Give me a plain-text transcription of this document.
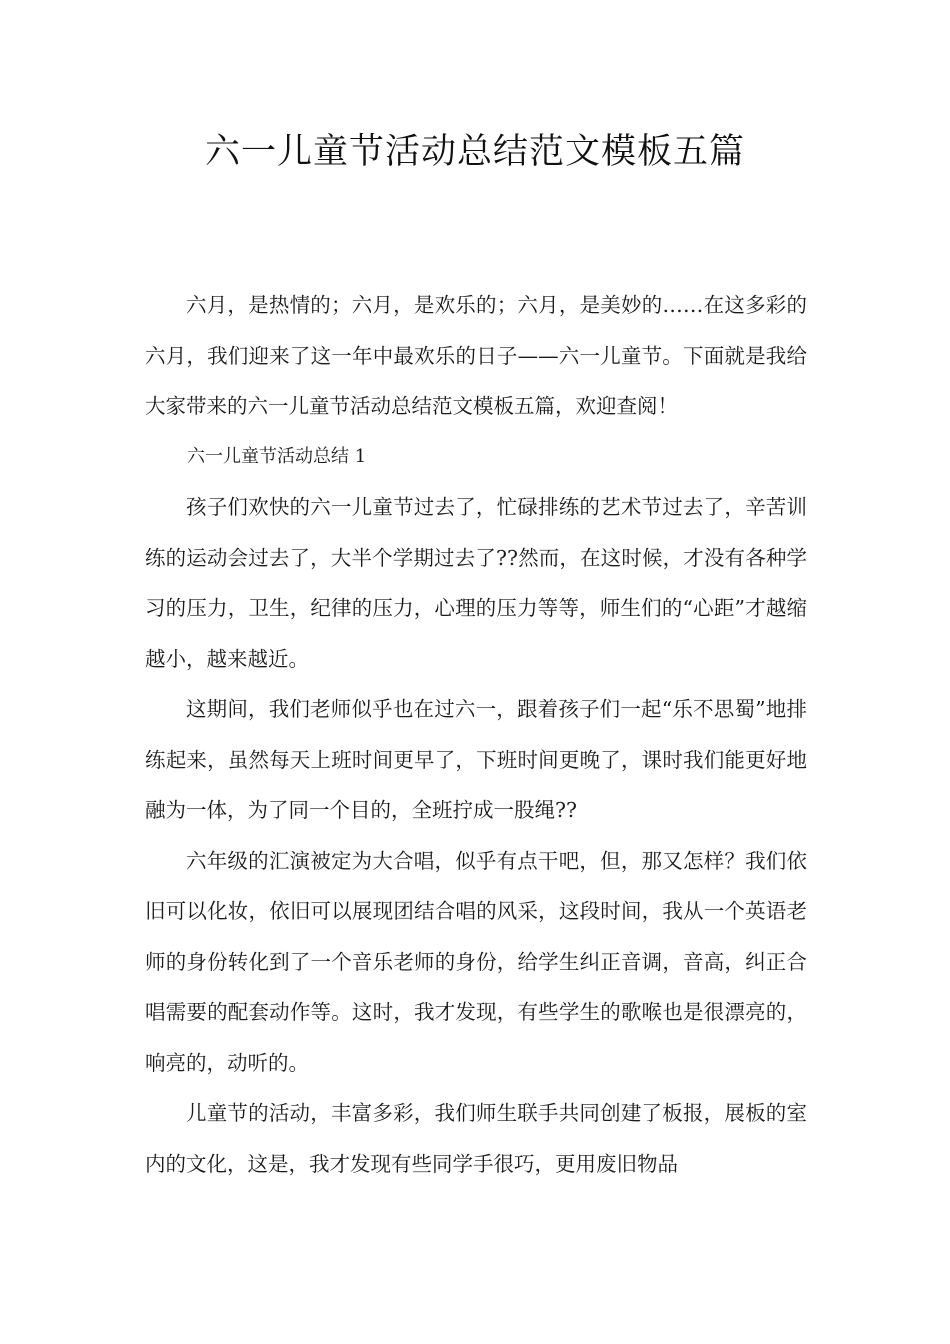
六一儿童节活动总结范文模板五篇

六月，是热情的；六月，是欢乐的；六月，是美妙的……在这多彩的六月，我们迎来了这一年中最欢乐的日子——六一儿童节。下面就是我给大家带来的六一儿童节活动总结范文模板五篇，欢迎查阅！

六一儿童节活动总结 1

孩子们欢快的六一儿童节过去了，忙碌排练的艺术节过去了，辛苦训练的运动会过去了，大半个学期过去了??然而，在这时候，才没有各种学习的压力，卫生，纪律的压力，心理的压力等等，师生们的“心距”才越缩越小，越来越近。

这期间，我们老师似乎也在过六一，跟着孩子们一起“乐不思蜀”地排练起来，虽然每天上班时间更早了，下班时间更晚了，课时我们能更好地融为一体，为了同一个目的，全班拧成一股绳??

六年级的汇演被定为大合唱，似乎有点干吧，但，那又怎样？我们依旧可以化妆，依旧可以展现团结合唱的风采，这段时间，我从一个英语老师的身份转化到了一个音乐老师的身份，给学生纠正音调，音高，纠正合唱需要的配套动作等。这时，我才发现，有些学生的歌喉也是很漂亮的，响亮的，动听的。

儿童节的活动，丰富多彩，我们师生联手共同创建了板报，展板的室内的文化，这是，我才发现有些同学手很巧，更用废旧物品
